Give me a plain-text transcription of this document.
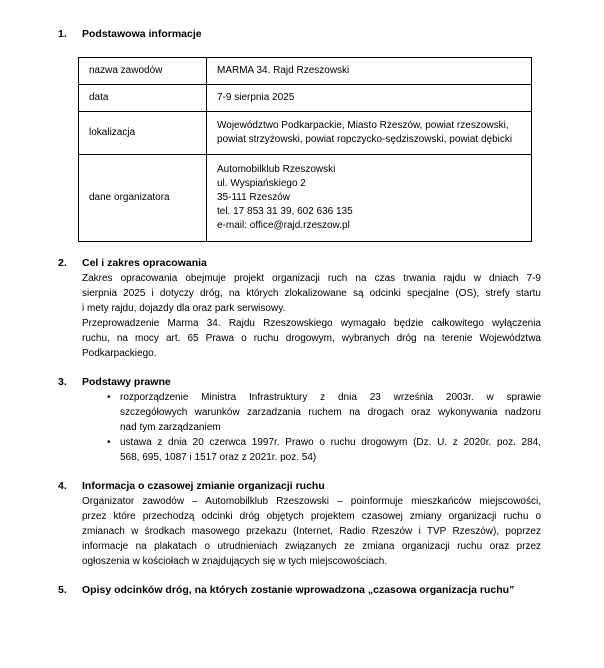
1.	Podstawowa informacje
nazwa zawodów	MARMA 34. Rajd Rzeszowski
data	7-9 sierpnia 2025
lokalizacja	Województwo Podkarpackie, Miasto Rzeszów, powiat rzeszowski,
powiat strzyżowski, powiat ropczycko-sędziszowski, powiat dębicki

dane organizatora	Automobilklub Rzeszowski
ul. Wyspiańskiego 2
35-111 Rzeszów
tel. 17 853 31 39, 602 636 135
e-mail: office@rajd.rzeszow.pl
2.	Cel i zakres opracowania
Zakres opracowania obejmuje projekt organizacji ruch na czas trwania rajdu w dniach 7-9
sierpnia 2025 i dotyczy dróg, na których zlokalizowane są odcinki specjalne (OS), strefy startu
i mety rajdu, dojazdy dla oraz park serwisowy.
Przeprowadzenie Marma 34. Rajdu Rzeszowskiego wymagało będzie całkowitego wyłączenia
ruchu, na mocy art. 65 Prawa o ruchu drogowym, wybranych dróg na terenie Województwa
Podkarpackiego.
3.	Podstawy prawne
• rozporządzenie Ministra Infrastruktury z dnia 23 września 2003r. w sprawie
szczegółowych warunków zarzadzania ruchem na drogach oraz wykonywania nadzoru
nad tym zarządzaniem
• ustawa z dnia 20 czerwca 1997r. Prawo o ruchu drogowym (Dz. U. z 2020r. poz. 284,
568, 695, 1087 i 1517 oraz z 2021r. poz. 54)
4.	Informacja o czasowej zmianie organizacji ruchu
Organizator zawodów – Automobilklub Rzeszowski – poinformuje mieszkańców miejscowości,
przez które przechodzą odcinki dróg objętych projektem czasowej zmiany organizacji ruchu o
zmianach w środkach masowego przekazu (Internet, Radio Rzeszów i TVP Rzeszów), poprzez
informacje na plakatach o utrudnieniach związanych ze zmiana organizacji ruchu oraz przez
ogłoszenia w kościołach w znajdujących się w tych miejscowościach.
5.	Opisy odcinków dróg, na których zostanie wprowadzona „czasowa organizacja ruchu”
